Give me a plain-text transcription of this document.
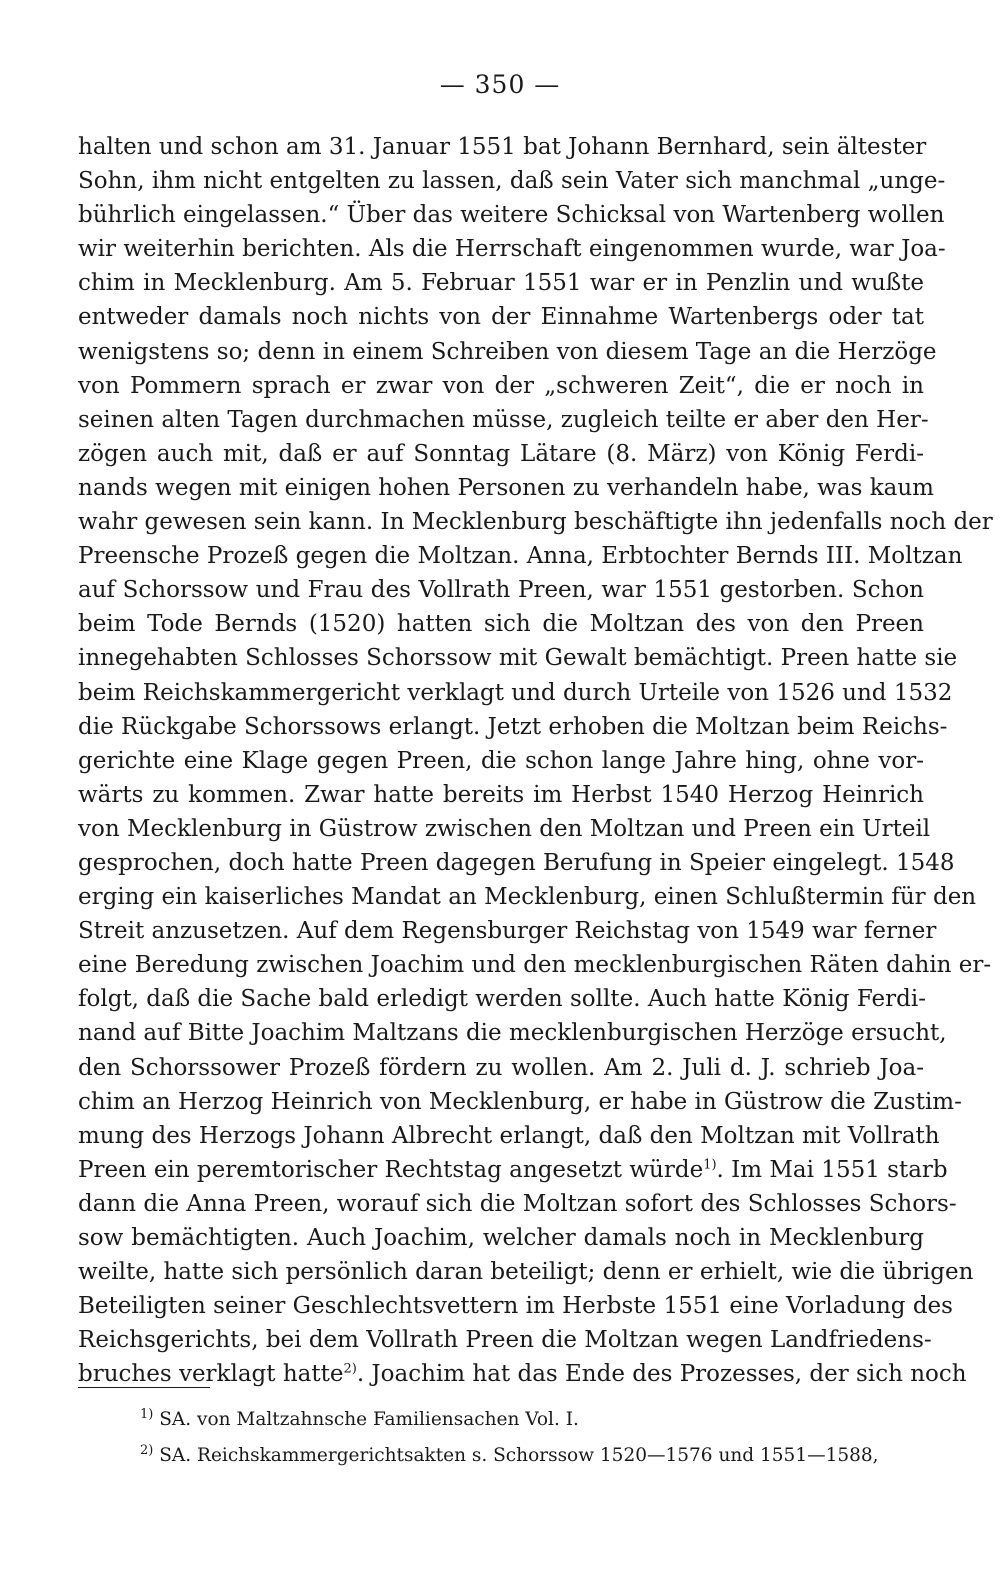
— 350 —
halten und schon am 31. Januar 1551 bat Johann Bernhard, sein ältester
Sohn, ihm nicht entgelten zu lassen, daß sein Vater sich manchmal „unge-
bührlich eingelassen.“ Über das weitere Schicksal von Wartenberg wollen
wir weiterhin berichten. Als die Herrschaft eingenommen wurde, war Joa-
chim in Mecklenburg. Am 5. Februar 1551 war er in Penzlin und wußte
entweder damals noch nichts von der Einnahme Wartenbergs oder tat
wenigstens so; denn in einem Schreiben von diesem Tage an die Herzöge
von Pommern sprach er zwar von der „schweren Zeit“, die er noch in
seinen alten Tagen durchmachen müsse, zugleich teilte er aber den Her-
zögen auch mit, daß er auf Sonntag Lätare (8. März) von König Ferdi-
nands wegen mit einigen hohen Personen zu verhandeln habe, was kaum
wahr gewesen sein kann. In Mecklenburg beschäftigte ihn jedenfalls noch der
Preensche Prozeß gegen die Moltzan. Anna, Erbtochter Bernds III. Moltzan
auf Schorssow und Frau des Vollrath Preen, war 1551 gestorben. Schon
beim Tode Bernds (1520) hatten sich die Moltzan des von den Preen
innegehabten Schlosses Schorssow mit Gewalt bemächtigt. Preen hatte sie
beim Reichskammergericht verklagt und durch Urteile von 1526 und 1532
die Rückgabe Schorssows erlangt. Jetzt erhoben die Moltzan beim Reichs-
gerichte eine Klage gegen Preen, die schon lange Jahre hing, ohne vor-
wärts zu kommen. Zwar hatte bereits im Herbst 1540 Herzog Heinrich
von Mecklenburg in Güstrow zwischen den Moltzan und Preen ein Urteil
gesprochen, doch hatte Preen dagegen Berufung in Speier eingelegt. 1548
erging ein kaiserliches Mandat an Mecklenburg, einen Schlußtermin für den
Streit anzusetzen. Auf dem Regensburger Reichstag von 1549 war ferner
eine Beredung zwischen Joachim und den mecklenburgischen Räten dahin er-
folgt, daß die Sache bald erledigt werden sollte. Auch hatte König Ferdi-
nand auf Bitte Joachim Maltzans die mecklenburgischen Herzöge ersucht,
den Schorssower Prozeß fördern zu wollen. Am 2. Juli d. J. schrieb Joa-
chim an Herzog Heinrich von Mecklenburg, er habe in Güstrow die Zustim-
mung des Herzogs Johann Albrecht erlangt, daß den Moltzan mit Vollrath
Preen ein peremtorischer Rechtstag angesetzt würde$^{1)}$. Im Mai 1551 starb
dann die Anna Preen, worauf sich die Moltzan sofort des Schlosses Schors-
sow bemächtigten. Auch Joachim, welcher damals noch in Mecklenburg
weilte, hatte sich persönlich daran beteiligt; denn er erhielt, wie die übrigen
Beteiligten seiner Geschlechtsvettern im Herbste 1551 eine Vorladung des
Reichsgerichts, bei dem Vollrath Preen die Moltzan wegen Landfriedens-
bruches verklagt hatte$^{2)}$. Joachim hat das Ende des Prozesses, der sich noch
$^{1)}$ SA. von Maltzahnsche Familiensachen Vol. I.
$^{2)}$ SA. Reichskammergerichtsakten s. Schorssow 1520—1576 und 1551—1588,
